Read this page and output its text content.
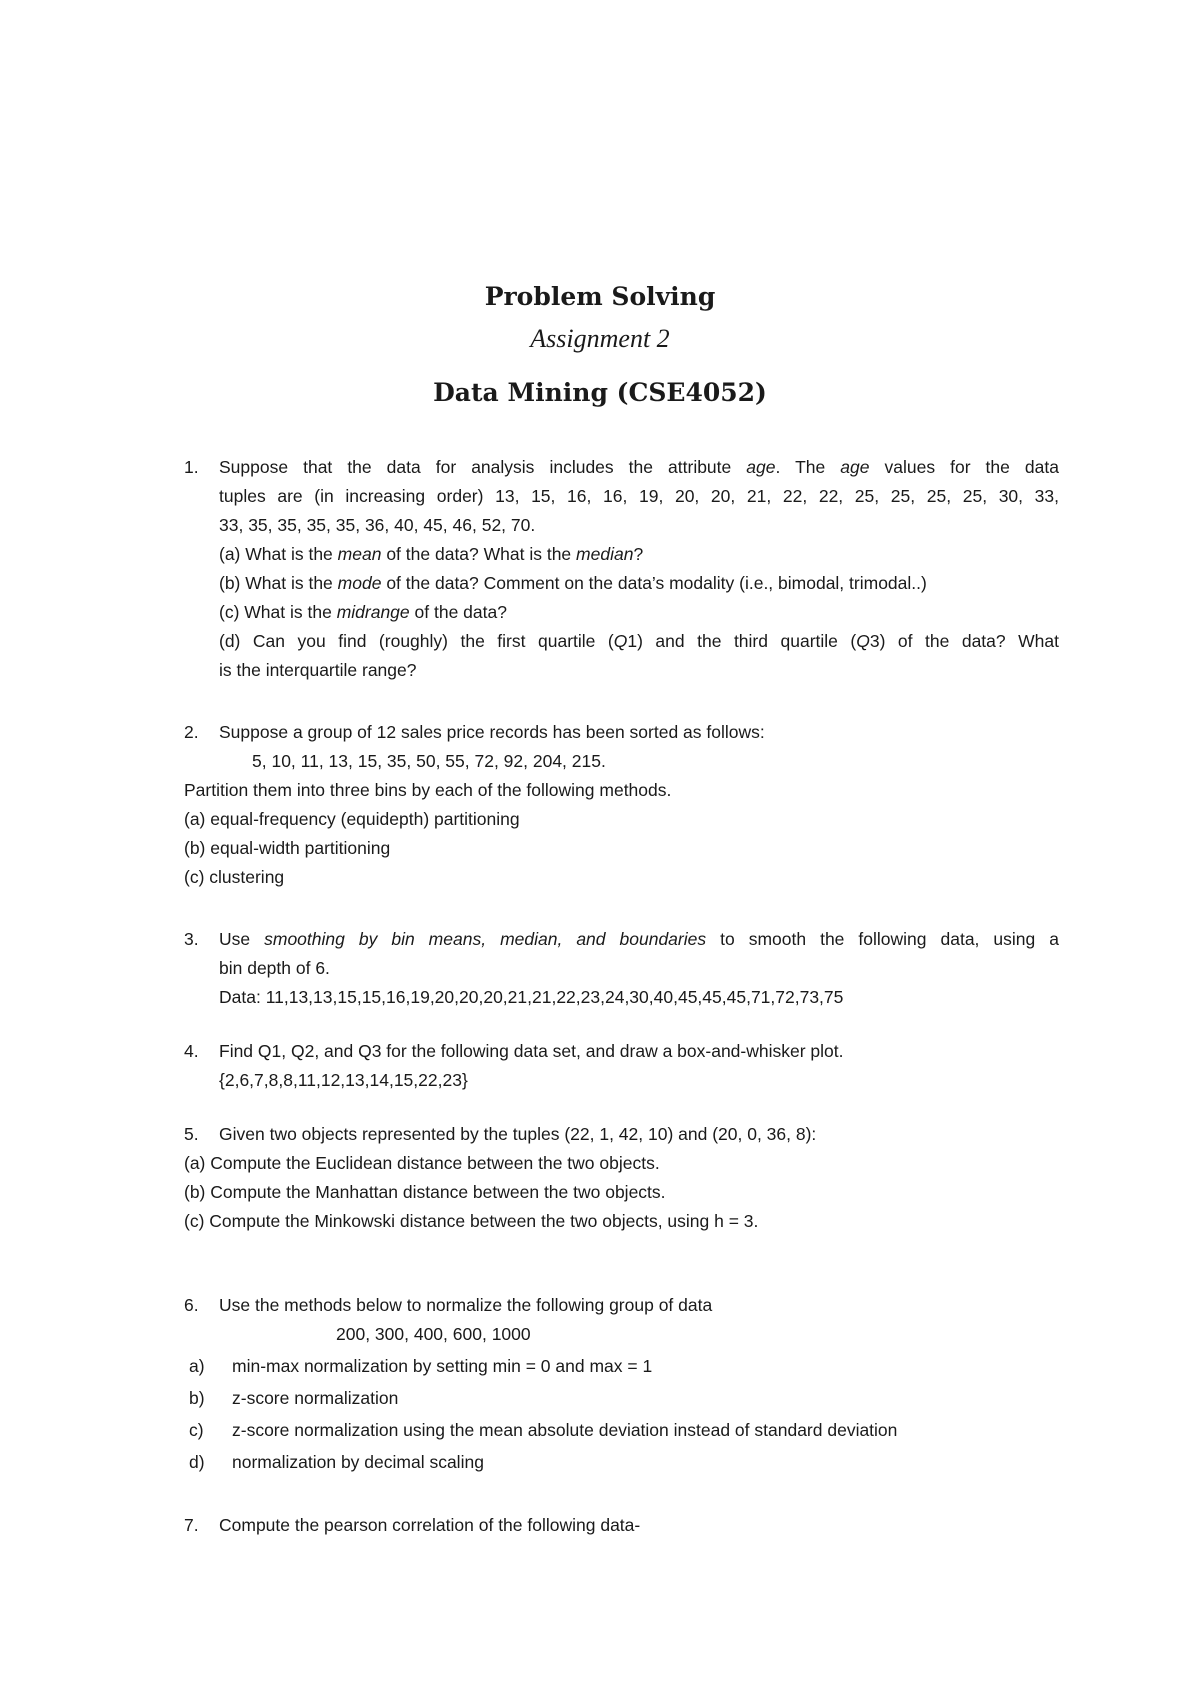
Problem Solving
Assignment 2
Data Mining (CSE4052)
1. Suppose that the data for analysis includes the attribute age. The age values for the data
tuples are (in increasing order) 13, 15, 16, 16, 19, 20, 20, 21, 22, 22, 25, 25, 25, 25, 30, 33,
33, 35, 35, 35, 35, 36, 40, 45, 46, 52, 70.
(a) What is the mean of the data? What is the median?
(b) What is the mode of the data? Comment on the data’s modality (i.e., bimodal, trimodal..)
(c) What is the midrange of the data?
(d) Can you find (roughly) the first quartile (Q1) and the third quartile (Q3) of the data? What
is the interquartile range?
2. Suppose a group of 12 sales price records has been sorted as follows:
5, 10, 11, 13, 15, 35, 50, 55, 72, 92, 204, 215.
Partition them into three bins by each of the following methods.
(a) equal-frequency (equidepth) partitioning
(b) equal-width partitioning
(c) clustering
3. Use smoothing by bin means, median, and boundaries to smooth the following data, using a
bin depth of 6.
Data: 11,13,13,15,15,16,19,20,20,20,21,21,22,23,24,30,40,45,45,45,71,72,73,75
4. Find Q1, Q2, and Q3 for the following data set, and draw a box-and-whisker plot.
{2,6,7,8,8,11,12,13,14,15,22,23}
5. Given two objects represented by the tuples (22, 1, 42, 10) and (20, 0, 36, 8):
(a) Compute the Euclidean distance between the two objects.
(b) Compute the Manhattan distance between the two objects.
(c) Compute the Minkowski distance between the two objects, using h = 3.
6. Use the methods below to normalize the following group of data
200, 300, 400, 600, 1000
a) min-max normalization by setting min = 0 and max = 1
b) z-score normalization
c) z-score normalization using the mean absolute deviation instead of standard deviation
d) normalization by decimal scaling
7. Compute the pearson correlation of the following data-
